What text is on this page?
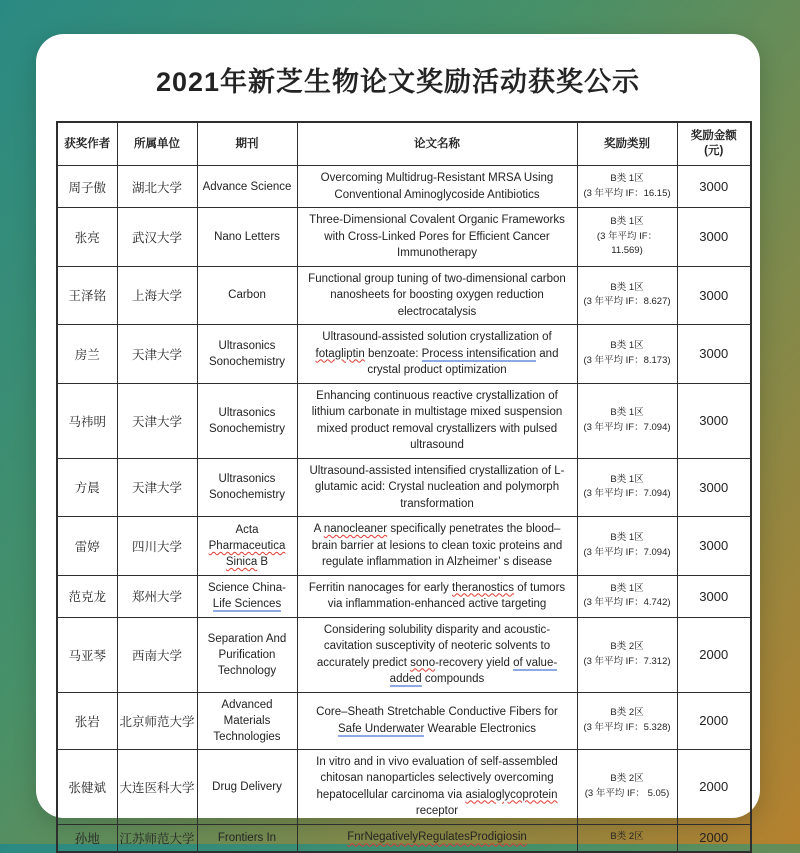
2021年新芝生物论文奖励活动获奖公示
获奖作者	所属单位	期刊	论文名称	奖励类别	奖励金额
(元)
周子傲	湖北大学	Advance Science	Overcoming Multidrug-Resistant MRSA Using Conventional Aminoglycoside Antibiotics	B类 1区
(3 年平均 IF：16.15)	3000
张亮	武汉大学	Nano Letters	Three-Dimensional Covalent Organic Frameworks with Cross-Linked Pores for Efficient Cancer Immunotherapy	B类 1区
(3 年平均 IF：
11.569)	3000
王泽铭	上海大学	Carbon	Functional group tuning of two-dimensional carbon nanosheets for boosting oxygen reduction electrocatalysis	B类 1区
(3 年平均 IF：8.627)	3000
房兰	天津大学	Ultrasonics Sonochemistry	Ultrasound-assisted solution crystallization of fotagliptin benzoate: Process intensification and crystal product optimization	B类 1区
(3 年平均 IF：8.173)	3000
马祎明	天津大学	Ultrasonics Sonochemistry	Enhancing continuous reactive crystallization of lithium carbonate in multistage mixed suspension mixed product removal crystallizers with pulsed ultrasound	B类 1区
(3 年平均 IF：7.094)	3000
方晨	天津大学	Ultrasonics Sonochemistry	Ultrasound-assisted intensified crystallization of L-glutamic acid: Crystal nucleation and polymorph transformation	B类 1区
(3 年平均 IF：7.094)	3000
雷婷	四川大学	Acta Pharmaceutica Sinica B	A nanocleaner specifically penetrates the blood– brain barrier at lesions to clean toxic proteins and regulate inflammation in Alzheimer’ s disease	B类 1区
(3 年平均 IF：7.094)	3000
范克龙	郑州大学	Science China-
Life Sciences	Ferritin nanocages for early theranostics of tumors via inflammation-enhanced active targeting	
B类 1区
(3 年平均 IF：4.742)	3000
马亚琴	西南大学	Separation And Purification Technology	Considering solubility disparity and acoustic-cavitation susceptivity of neoteric solvents to accurately predict sono-recovery yield of value-added compounds	B类 2区
(3 年平均 IF：7.312)	2000
张岩	北京师范大学	Advanced Materials Technologies	Core–Sheath Stretchable Conductive Fibers for Safe Underwater Wearable Electronics	B类 2区
(3 年平均 IF：5.328)	2000
张健斌	大连医科大学	Drug Delivery	In vitro and in vivo evaluation of self-assembled chitosan nanoparticles selectively overcoming hepatocellular carcinoma via asialoglycoprotein receptor	B类 2区
(3 年平均 IF： 5.05)	2000
孙地	江苏师范大学	Frontiers In	FnrNegativelyRegulatesProdigiosin	B类 2区	2000
